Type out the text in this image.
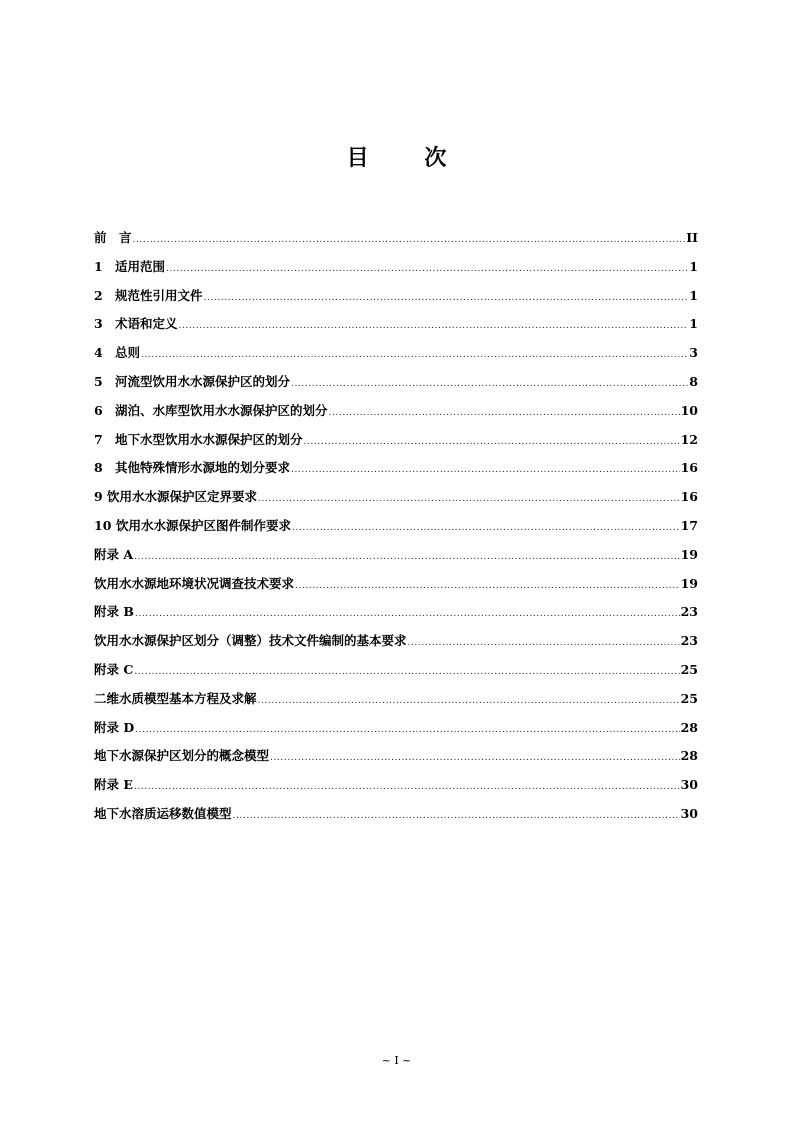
目 次
前　言 .....	II
1 适用范围 .....	1
2 规范性引用文件 .....	1
3 术语和定义 .....	1
4 总则 .....	3
5 河流型饮用水水源保护区的划分 .....	8
6 湖泊、水库型饮用水水源保护区的划分 .....	10
7 地下水型饮用水水源保护区的划分 .....	12
8 其他特殊情形水源地的划分要求 .....	16
9 饮用水水源保护区定界要求 .....	16
10 饮用水水源保护区图件制作要求 .....	17
附录 A .....	19
饮用水水源地环境状况调查技术要求 .....	19
附录 B .....	23
饮用水水源保护区划分（调整）技术文件编制的基本要求 .....	23
附录 C .....	25
二维水质模型基本方程及求解 .....	25
附录 D .....	28
地下水源保护区划分的概念模型 .....	28
附录 E .....	30
地下水溶质运移数值模型 .....	30
~ I ~
